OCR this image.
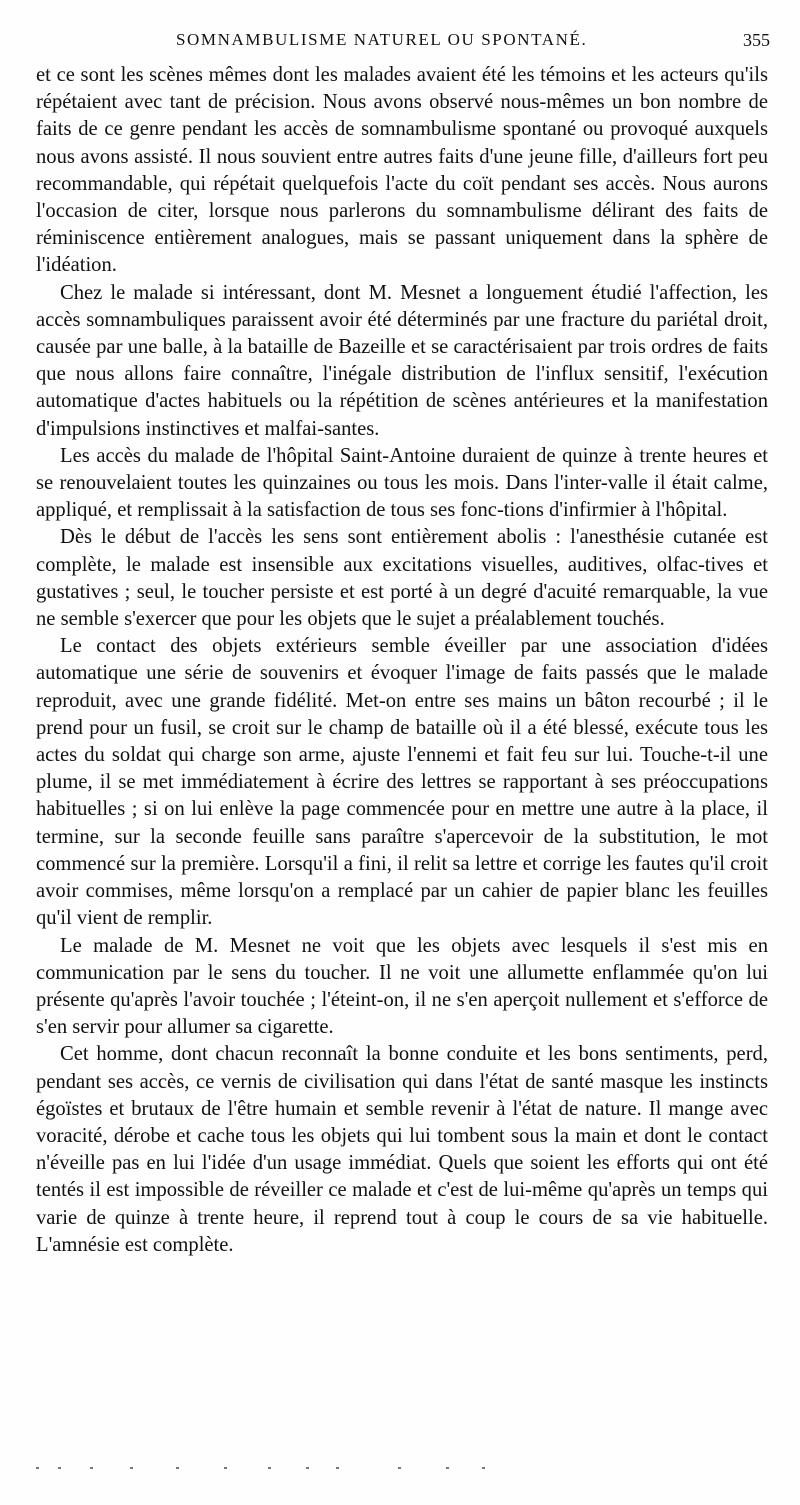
SOMNAMBULISME NATUREL OU SPONTANÉ.	355

et ce sont les scènes mêmes dont les malades avaient été les témoins et les acteurs qu'ils répétaient avec tant de précision. Nous avons observé nous-mêmes un bon nombre de faits de ce genre pendant les accès de somnambulisme spontané ou provoqué auxquels nous avons assisté. Il nous souvient entre autres faits d'une jeune fille, d'ailleurs fort peu recommandable, qui répétait quelquefois l'acte du coït pendant ses accès. Nous aurons l'occasion de citer, lorsque nous parlerons du somnambulisme délirant des faits de réminiscence entièrement analogues, mais se passant uniquement dans la sphère de l'idéation.

Chez le malade si intéressant, dont M. Mesnet a longuement étudié l'affection, les accès somnambuliques paraissent avoir été déterminés par une fracture du pariétal droit, causée par une balle, à la bataille de Bazeille et se caractérisaient par trois ordres de faits que nous allons faire connaître, l'inégale distribution de l'influx sensitif, l'exécution automatique d'actes habituels ou la répétition de scènes antérieures et la manifestation d'impulsions instinctives et malfai-santes.

Les accès du malade de l'hôpital Saint-Antoine duraient de quinze à trente heures et se renouvelaient toutes les quinzaines ou tous les mois. Dans l'inter-valle il était calme, appliqué, et remplissait à la satisfaction de tous ses fonc-tions d'infirmier à l'hôpital.

Dès le début de l'accès les sens sont entièrement abolis : l'anesthésie cutanée est complète, le malade est insensible aux excitations visuelles, auditives, olfac-tives et gustatives ; seul, le toucher persiste et est porté à un degré d'acuité remarquable, la vue ne semble s'exercer que pour les objets que le sujet a préalablement touchés.

Le contact des objets extérieurs semble éveiller par une association d'idées automatique une série de souvenirs et évoquer l'image de faits passés que le malade reproduit, avec une grande fidélité. Met-on entre ses mains un bâton recourbé ; il le prend pour un fusil, se croit sur le champ de bataille où il a été blessé, exécute tous les actes du soldat qui charge son arme, ajuste l'ennemi et fait feu sur lui. Touche-t-il une plume, il se met immédiatement à écrire des lettres se rapportant à ses préoccupations habituelles ; si on lui enlève la page commencée pour en mettre une autre à la place, il termine, sur la seconde feuille sans paraître s'apercevoir de la substitution, le mot commencé sur la première. Lorsqu'il a fini, il relit sa lettre et corrige les fautes qu'il croit avoir commises, même lorsqu'on a remplacé par un cahier de papier blanc les feuilles qu'il vient de remplir.

Le malade de M. Mesnet ne voit que les objets avec lesquels il s'est mis en communication par le sens du toucher. Il ne voit une allumette enflammée qu'on lui présente qu'après l'avoir touchée ; l'éteint-on, il ne s'en aperçoit nullement et s'efforce de s'en servir pour allumer sa cigarette.

Cet homme, dont chacun reconnaît la bonne conduite et les bons sentiments, perd, pendant ses accès, ce vernis de civilisation qui dans l'état de santé masque les instincts égoïstes et brutaux de l'être humain et semble revenir à l'état de nature. Il mange avec voracité, dérobe et cache tous les objets qui lui tombent sous la main et dont le contact n'éveille pas en lui l'idée d'un usage immédiat. Quels que soient les efforts qui ont été tentés il est impossible de réveiller ce malade et c'est de lui-même qu'après un temps qui varie de quinze à trente heure, il reprend tout à coup le cours de sa vie habituelle. L'amnésie est complète.
